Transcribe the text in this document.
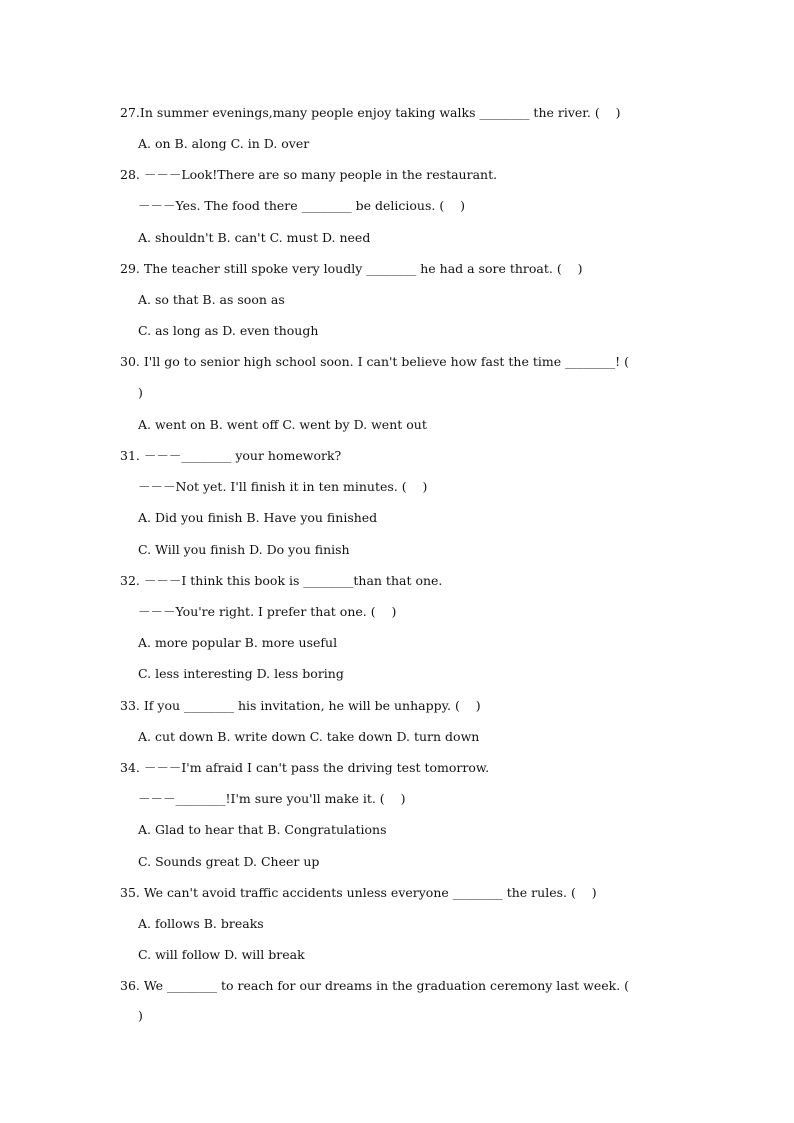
27.In summer evenings,many people enjoy taking walks ________ the river. (    )
A. on B. along C. in D. over
28. －－－Look!There are so many people in the restaurant.
－－－Yes. The food there ________ be delicious. (    )
A. shouldn't B. can't C. must D. need
29. The teacher still spoke very loudly ________ he had a sore throat. (    )
A. so that B. as soon as
C. as long as D. even though
30. I'll go to senior high school soon. I can't believe how fast the time ________! (
)
A. went on B. went off C. went by D. went out
31. －－－________ your homework?
－－－Not yet. I'll finish it in ten minutes. (    )
A. Did you finish B. Have you finished
C. Will you finish D. Do you finish
32. －－－I think this book is ________than that one.
－－－You're right. I prefer that one. (    )
A. more popular B. more useful
C. less interesting D. less boring
33. If you ________ his invitation, he will be unhappy. (    )
A. cut down B. write down C. take down D. turn down
34. －－－I'm afraid I can't pass the driving test tomorrow.
－－－________!I'm sure you'll make it. (    )
A. Glad to hear that B. Congratulations
C. Sounds great D. Cheer up
35. We can't avoid traffic accidents unless everyone ________ the rules. (    )
A. follows B. breaks
C. will follow D. will break
36. We ________ to reach for our dreams in the graduation ceremony last week. (
)
